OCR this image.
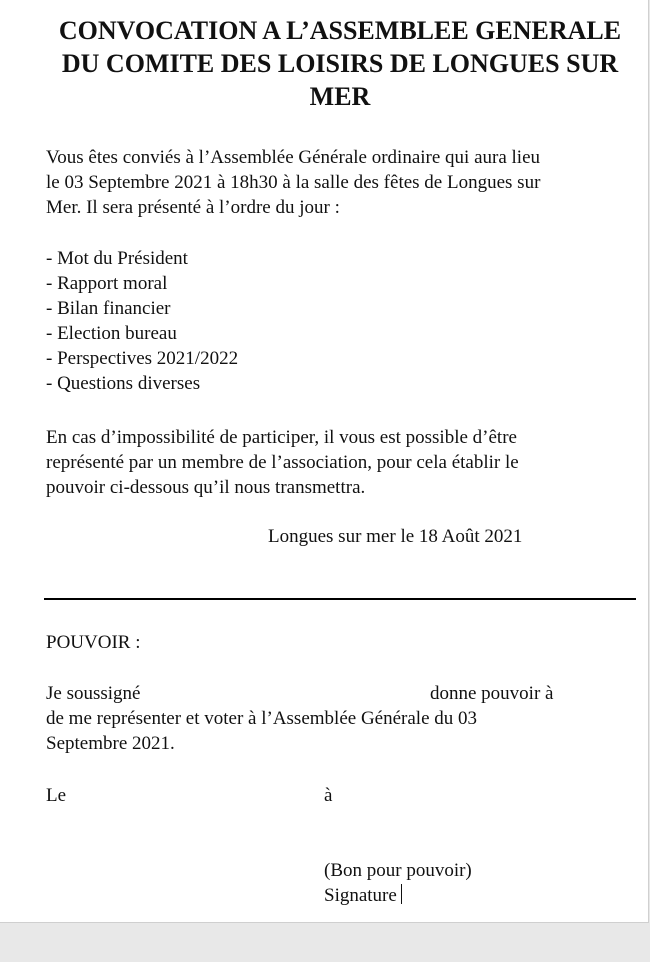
CONVOCATION A L’ASSEMBLEE GENERALE DU COMITE DES LOISIRS DE LONGUES SUR MER

Vous êtes conviés à l’Assemblée Générale ordinaire qui aura lieu

le 03 Septembre 2021 à 18h30 à la salle des fêtes de Longues sur

Mer. Il sera présenté à l’ordre du jour :

- Mot du Président
- Rapport moral
- Bilan financier
- Election bureau
- Perspectives 2021/2022
- Questions diverses

En cas d’impossibilité de participer, il vous est possible d’être

représenté par un membre de l’association, pour cela établir le

pouvoir ci-dessous qu’il nous transmettra.

Longues sur mer le 18 Août 2021

POUVOIR :

Je soussigné	donne pouvoir à

de me représenter et voter à l’Assemblée Générale du 03

Septembre 2021.

Le	à

(Bon pour pouvoir)

Signature
